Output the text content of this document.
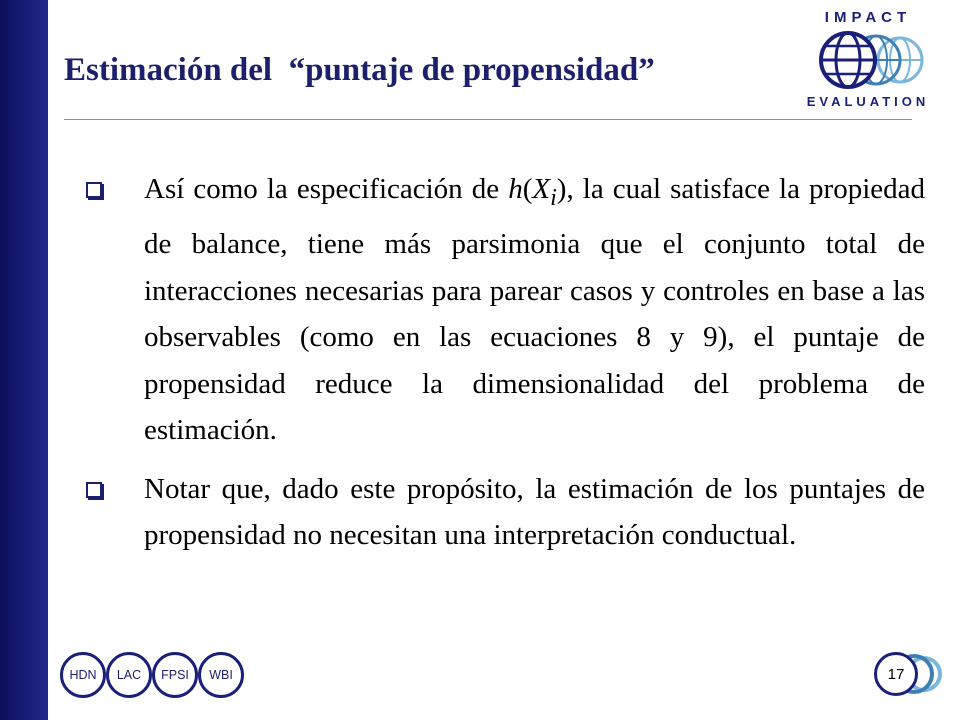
Estimación del  “puntaje de propensidad”
IMPACT
EVALUATION
Así como la especificación de $h(X_i)$, la cual satisface la propiedad de balance, tiene más parsimonia que el conjunto total de interacciones necesarias para parear casos y controles en base a las observables (como en las ecuaciones 8 y 9), el puntaje de propensidad reduce la dimensionalidad del problema de estimación.
Notar que, dado este propósito, la estimación de los puntajes de propensidad no necesitan una interpretación conductual.
HDN	LAC	FPSI	WBI	17
